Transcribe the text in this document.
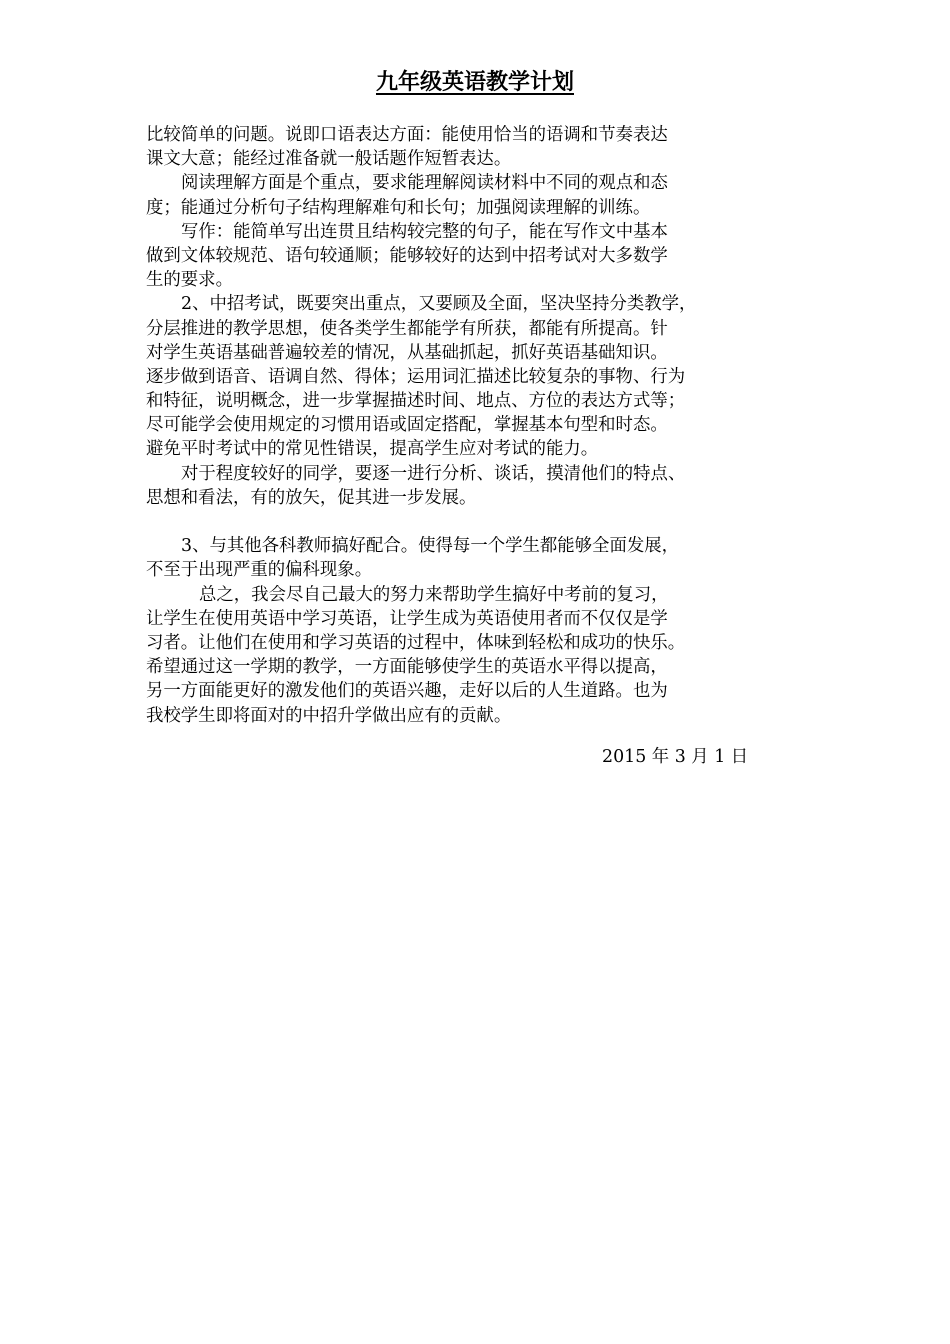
九年级英语教学计划
比较简单的问题。说即口语表达方面：能使用恰当的语调和节奏表达
课文大意；能经过准备就一般话题作短暂表达。
阅读理解方面是个重点，要求能理解阅读材料中不同的观点和态
度；能通过分析句子结构理解难句和长句；加强阅读理解的训练。
写作：能简单写出连贯且结构较完整的句子，能在写作文中基本
做到文体较规范、语句较通顺；能够较好的达到中招考试对大多数学
生的要求。
2、中招考试，既要突出重点，又要顾及全面，坚决坚持分类教学，
分层推进的教学思想，使各类学生都能学有所获，都能有所提高。针
对学生英语基础普遍较差的情况，从基础抓起，抓好英语基础知识。
逐步做到语音、语调自然、得体；运用词汇描述比较复杂的事物、行为
和特征，说明概念，进一步掌握描述时间、地点、方位的表达方式等；
尽可能学会使用规定的习惯用语或固定搭配，掌握基本句型和时态。
避免平时考试中的常见性错误，提高学生应对考试的能力。
对于程度较好的同学，要逐一进行分析、谈话，摸清他们的特点、
思想和看法，有的放矢，促其进一步发展。
3、与其他各科教师搞好配合。使得每一个学生都能够全面发展，
不至于出现严重的偏科现象。
总之，我会尽自己最大的努力来帮助学生搞好中考前的复习，
让学生在使用英语中学习英语，让学生成为英语使用者而不仅仅是学
习者。让他们在使用和学习英语的过程中，体味到轻松和成功的快乐。
希望通过这一学期的教学，一方面能够使学生的英语水平得以提高，
另一方面能更好的激发他们的英语兴趣，走好以后的人生道路。也为
我校学生即将面对的中招升学做出应有的贡献。
2015 年 3 月 1 日
